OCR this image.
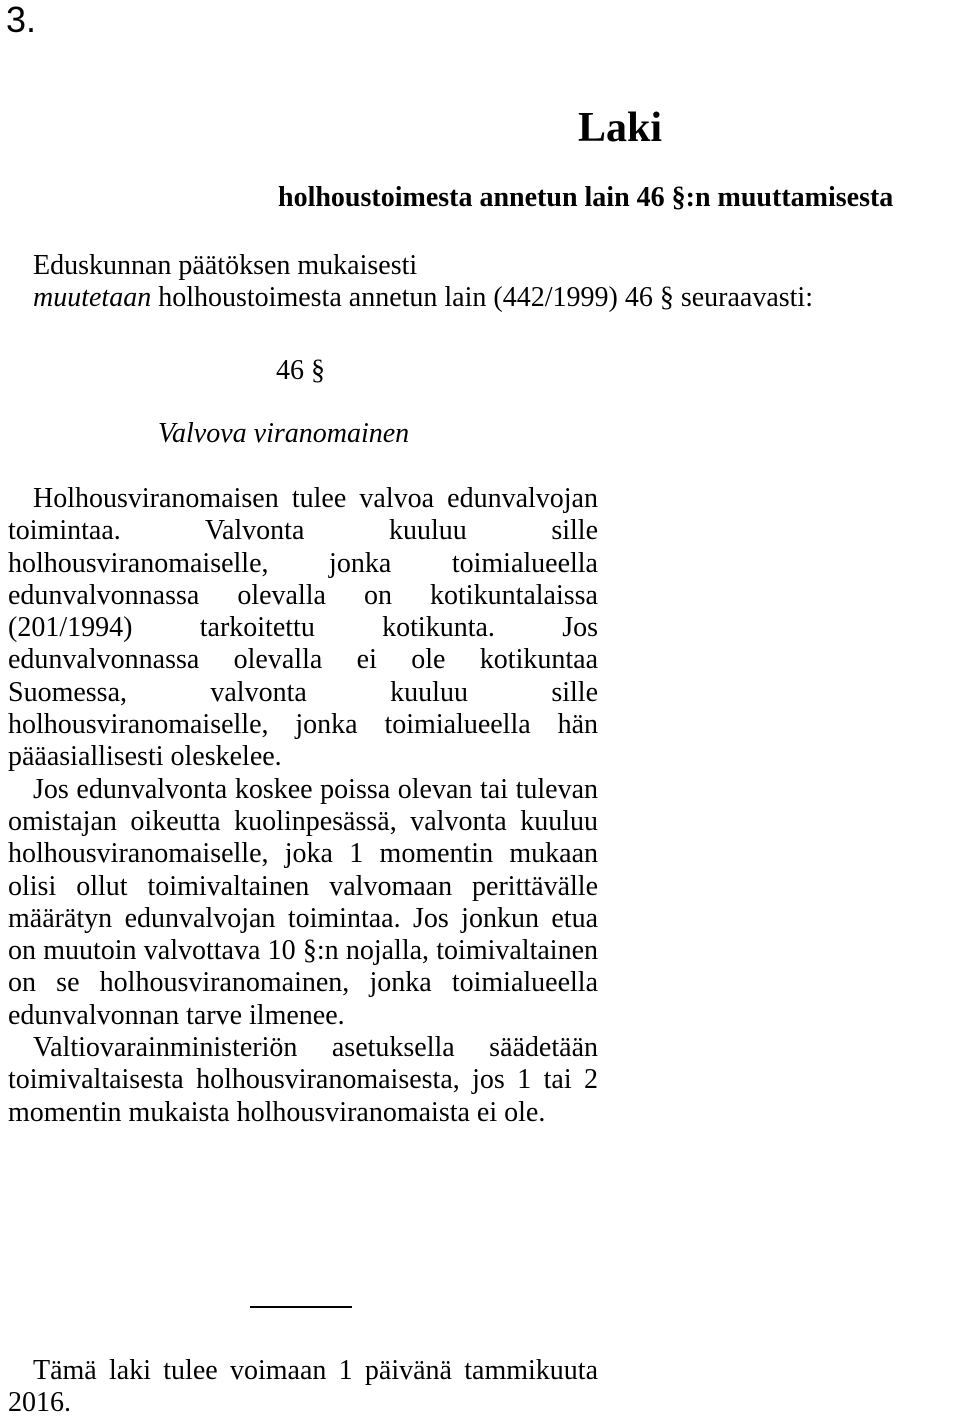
3.
Laki
holhoustoimesta annetun lain 46 §:n muuttamisesta
Eduskunnan päätöksen mukaisesti
muutetaan holhoustoimesta annetun lain (442/1999) 46 § seuraavasti:
46 §
Valvova viranomainen

Holhousviranomaisen tulee valvoa edunvalvojan toimintaa. Valvonta kuuluu sille holhousviranomaiselle, jonka toimialueella edunvalvonnassa olevalla on kotikuntalaissa (201/1994) tarkoitettu kotikunta. Jos edunvalvonnassa olevalla ei ole kotikuntaa Suomessa, valvonta kuuluu sille holhousviranomaiselle, jonka toimialueella hän pääasiallisesti oleskelee.

Jos edunvalvonta koskee poissa olevan tai tulevan omistajan oikeutta kuolinpesässä, valvonta kuuluu holhousviranomaiselle, joka 1 momentin mukaan olisi ollut toimivaltainen valvomaan perittävälle määrätyn edunvalvojan toimintaa. Jos jonkun etua on muutoin valvottava 10 §:n nojalla, toimivaltainen on se holhousviranomainen, jonka toimialueella edunvalvonnan tarve ilmenee.

Valtiovarainministeriön asetuksella säädetään toimivaltaisesta holhousviranomaisesta, jos 1 tai 2 momentin mukaista holhousviranomaista ei ole.

Tämä laki tulee voimaan 1 päivänä tammikuuta 2016.
